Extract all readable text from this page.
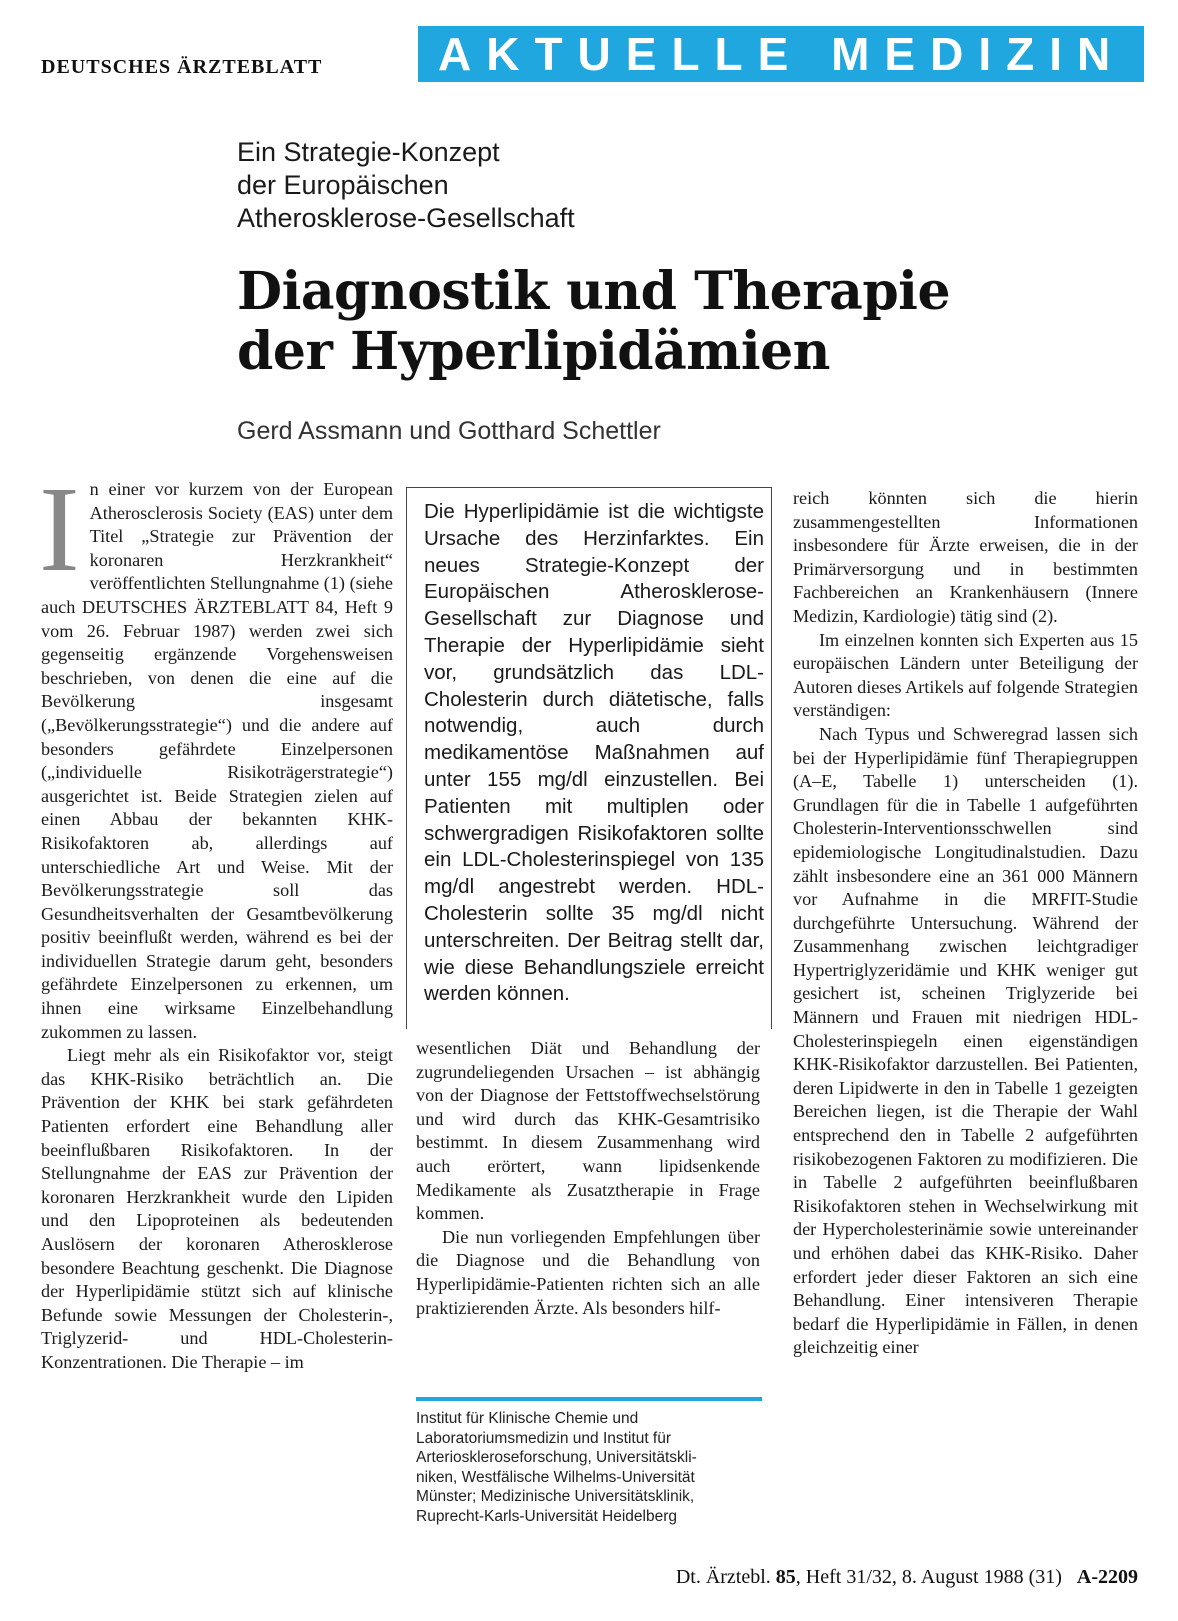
DEUTSCHES ÄRZTEBLATT	AKTUELLE MEDIZIN
Ein Strategie-Konzept
der Europäischen
Atherosklerose-Gesellschaft
Diagnostik und Therapie
der Hyperlipidämien
Gerd Assmann und Gotthard Schettler

In einer vor kurzem von der European Atherosclerosis Society (EAS) unter dem Titel „Strategie zur Prävention der koronaren Herzkrankheit“ veröffentlichten Stellungnahme (1) (siehe auch DEUTSCHES ÄRZTEBLATT 84, Heft 9 vom 26. Februar 1987) werden zwei sich gegenseitig ergänzende Vorgehensweisen beschrieben, von denen die eine auf die Bevölkerung insgesamt („Bevölkerungsstrategie“) und die andere auf besonders gefährdete Einzelpersonen („individuelle Risikoträgerstrategie“) ausgerichtet ist. Beide Strategien zielen auf einen Abbau der bekannten KHK-Risikofaktoren ab, allerdings auf unterschiedliche Art und Weise. Mit der Bevölkerungsstrategie soll das Gesundheitsverhalten der Gesamtbevölkerung positiv beeinflußt werden, während es bei der individuellen Strategie darum geht, besonders gefährdete Einzelpersonen zu erkennen, um ihnen eine wirksame Einzelbehandlung zukommen zu lassen.

Liegt mehr als ein Risikofaktor vor, steigt das KHK-Risiko beträchtlich an. Die Prävention der KHK bei stark gefährdeten Patienten erfordert eine Behandlung aller beeinflußbaren Risikofaktoren. In der Stellungnahme der EAS zur Prävention der koronaren Herzkrankheit wurde den Lipiden und den Lipoproteinen als bedeutenden Auslösern der koronaren Atherosklerose besondere Beachtung geschenkt. Die Diagnose der Hyperlipidämie stützt sich auf klinische Befunde sowie Messungen der Cholesterin-, Triglyzerid- und HDL-Cholesterin-Konzentrationen. Die Therapie – im

Die Hyperlipidämie ist die wichtigste Ursache des Herzinfarktes. Ein neues Strategie-Konzept der Europäischen Atherosklerose-Gesellschaft zur Diagnose und Therapie der Hyperlipidämie sieht vor, grundsätzlich das LDL-Cholesterin durch diätetische, falls notwendig, auch durch medikamentöse Maßnahmen auf unter 155 mg/dl einzustellen. Bei Patienten mit multiplen oder schwergradigen Risikofaktoren sollte ein LDL-Cholesterinspiegel von 135 mg/dl angestrebt werden. HDL-Cholesterin sollte 35 mg/dl nicht unterschreiten. Der Beitrag stellt dar, wie diese Behandlungsziele erreicht werden können.

wesentlichen Diät und Behandlung der zugrundeliegenden Ursachen – ist abhängig von der Diagnose der Fettstoffwechselstörung und wird durch das KHK-Gesamtrisiko bestimmt. In diesem Zusammenhang wird auch erörtert, wann lipidsenkende Medikamente als Zusatztherapie in Frage kommen.

Die nun vorliegenden Empfehlungen über die Diagnose und die Behandlung von Hyperlipidämie-Patienten richten sich an alle praktizierenden Ärzte. Als besonders hilf-

Institut für Klinische Chemie und
Laboratoriumsmedizin und Institut für
Arterioskleroseforschung, Universitätskli-
niken, Westfälische Wilhelms-Universität
Münster; Medizinische Universitätsklinik,
Ruprecht-Karls-Universität Heidelberg

reich könnten sich die hierin zusammengestellten Informationen insbesondere für Ärzte erweisen, die in der Primärversorgung und in bestimmten Fachbereichen an Krankenhäusern (Innere Medizin, Kardiologie) tätig sind (2).

Im einzelnen konnten sich Experten aus 15 europäischen Ländern unter Beteiligung der Autoren dieses Artikels auf folgende Strategien verständigen:

Nach Typus und Schweregrad lassen sich bei der Hyperlipidämie fünf Therapiegruppen (A–E, Tabelle 1) unterscheiden (1). Grundlagen für die in Tabelle 1 aufgeführten Cholesterin-Interventionsschwellen sind epidemiologische Longitudinalstudien. Dazu zählt insbesondere eine an 361 000 Männern vor Aufnahme in die MRFIT-Studie durchgeführte Untersuchung. Während der Zusammenhang zwischen leichtgradiger Hypertriglyzeridämie und KHK weniger gut gesichert ist, scheinen Triglyzeride bei Männern und Frauen mit niedrigen HDL-Cholesterinspiegeln einen eigenständigen KHK-Risikofaktor darzustellen. Bei Patienten, deren Lipidwerte in den in Tabelle 1 gezeigten Bereichen liegen, ist die Therapie der Wahl entsprechend den in Tabelle 2 aufgeführten risikobezogenen Faktoren zu modifizieren. Die in Tabelle 2 aufgeführten beeinflußbaren Risikofaktoren stehen in Wechselwirkung mit der Hypercholesterinämie sowie untereinander und erhöhen dabei das KHK-Risiko. Daher erfordert jeder dieser Faktoren an sich eine Behandlung. Einer intensiveren Therapie bedarf die Hyperlipidämie in Fällen, in denen gleichzeitig einer

Dt. Ärztebl. 85, Heft 31/32, 8. August 1988 (31) A-2209
